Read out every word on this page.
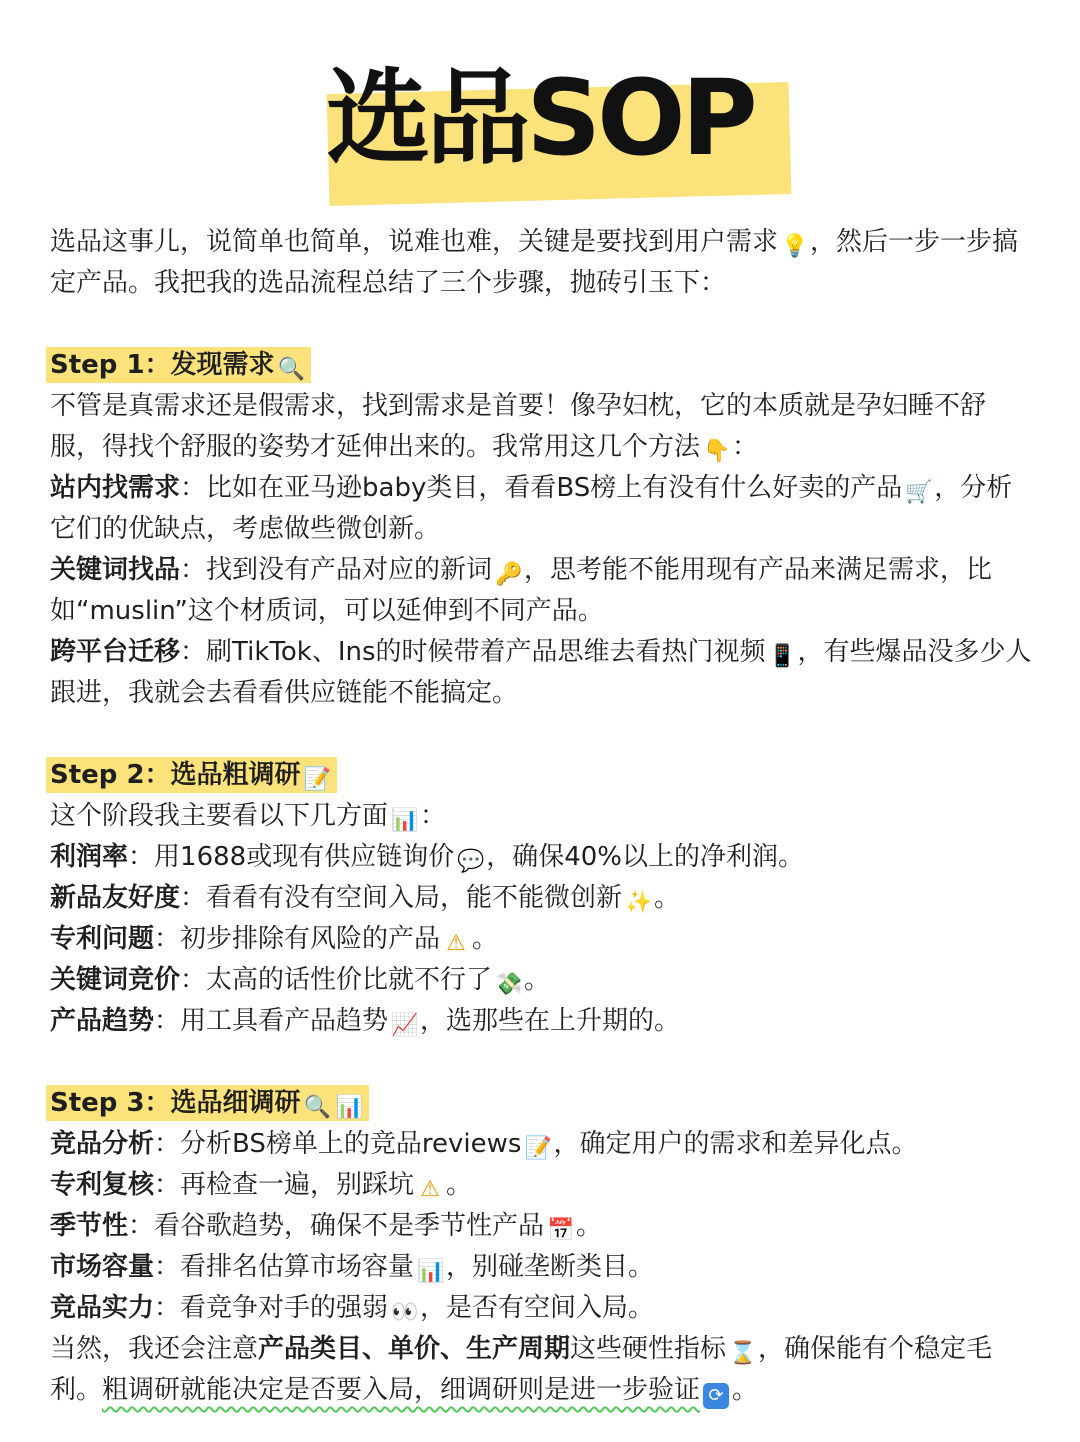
选品SOP

选品这事儿，说简单也简单，说难也难，关键是要找到用户需求 💡，然后一步一步搞定产品。我把我的选品流程总结了三个步骤，抛砖引玉下：

Step 1：发现需求 🔍

不管是真需求还是假需求，找到需求是首要！像孕妇枕，它的本质就是孕妇睡不舒服，得找个舒服的姿势才延伸出来的。我常用这几个方法 👇：

站内找需求：比如在亚马逊baby类目，看看BS榜上有没有什么好卖的产品 🛒，分析它们的优缺点，考虑做些微创新。

关键词找品：找到没有产品对应的新词 🔑，思考能不能用现有产品来满足需求，比如“muslin”这个材质词，可以延伸到不同产品。

跨平台迁移：刷TikTok、Ins的时候带着产品思维去看热门视频 📱，有些爆品没多少人跟进，我就会去看看供应链能不能搞定。

Step 2：选品粗调研 📝

这个阶段我主要看以下几方面 📊：

利润率：用1688或现有供应链询价 💬，确保40%以上的净利润。

新品友好度：看看有没有空间入局，能不能微创新 ✨。

专利问题：初步排除有风险的产品 ⚠ 。

关键词竞价：太高的话性价比就不行了 💸。

产品趋势：用工具看产品趋势 📈，选那些在上升期的。

Step 3：选品细调研 🔍 📊

竞品分析：分析BS榜单上的竞品reviews 📝，确定用户的需求和差异化点。

专利复核：再检查一遍，别踩坑 ⚠ 。

季节性：看谷歌趋势，确保不是季节性产品 📅。

市场容量：看排名估算市场容量 📊，别碰垄断类目。

竞品实力：看竞争对手的强弱 👀，是否有空间入局。

当然，我还会注意产品类目、单价、生产周期这些硬性指标 ⌛，确保能有个稳定毛利。粗调研就能决定是否要入局，细调研则是进一步验证 ⟳ 。
